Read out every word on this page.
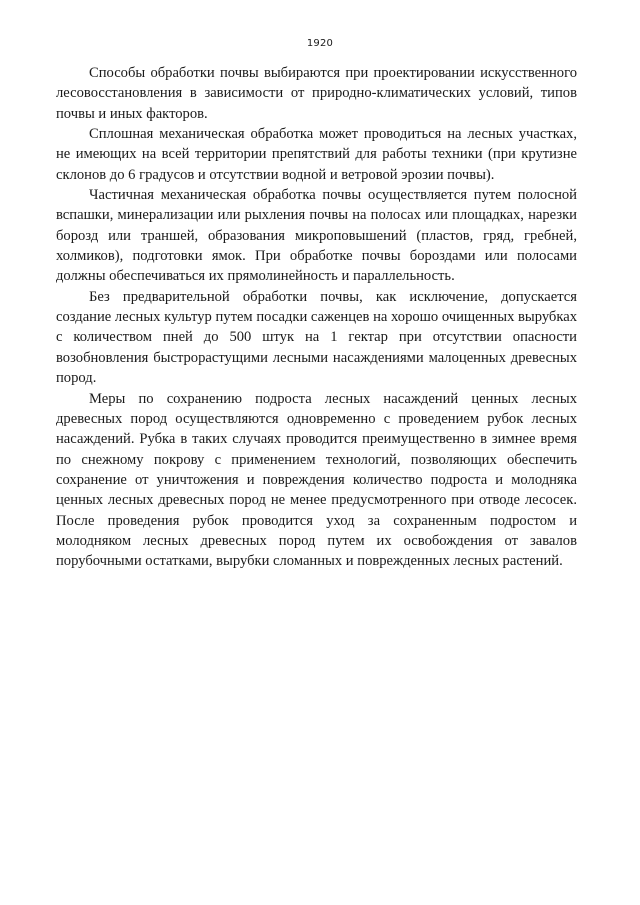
1920

Способы обработки почвы выбираются при проектировании искусственного лесовосстановления в зависимости от природно-климатических условий, типов почвы и иных факторов.

Сплошная механическая обработка может проводиться на лесных участках, не имеющих на всей территории препятствий для работы техники (при крутизне склонов до 6 градусов и отсутствии водной и ветровой эрозии почвы).

Частичная механическая обработка почвы осуществляется путем полосной вспашки, минерализации или рыхления почвы на полосах или площадках, нарезки борозд или траншей, образования микроповышений (пластов, гряд, гребней, холмиков), подготовки ямок. При обработке почвы бороздами или полосами должны обеспечиваться их прямолинейность и параллельность.

Без предварительной обработки почвы, как исключение, допускается создание лесных культур путем посадки саженцев на хорошо очищенных вырубках с количеством пней до 500 штук на 1 гектар при отсутствии опасности возобновления быстрорастущими лесными насаждениями малоценных древесных пород.

Меры по сохранению подроста лесных насаждений ценных лесных древесных пород осуществляются одновременно с проведением рубок лесных насаждений. Рубка в таких случаях проводится преимущественно в зимнее время по снежному покрову с применением технологий, позволяющих обеспечить сохранение от уничтожения и повреждения количество подроста и молодняка ценных лесных древесных пород не менее предусмотренного при отводе лесосек. После проведения рубок проводится уход за сохраненным подростом и молодняком лесных древесных пород путем их освобождения от завалов порубочными остатками, вырубки сломанных и поврежденных лесных растений.
